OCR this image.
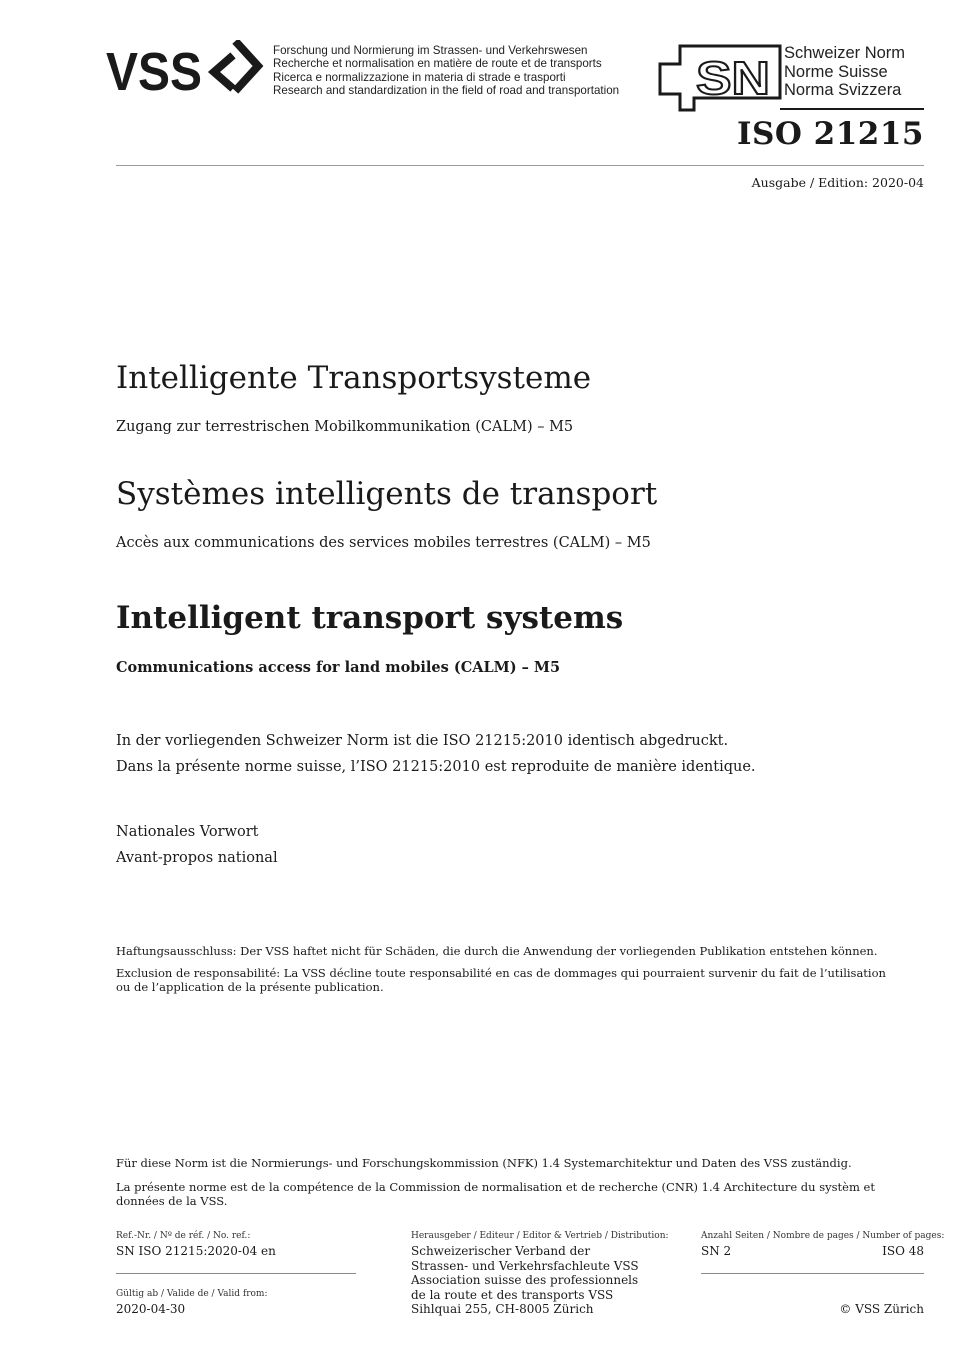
VSS	Forschung und Normierung im Strassen- und Verkehrswesen
Recherche et normalisation en matière de route et de transports
Ricerca e normalizzazione in materia di strade e trasporti
Research and standardization in the field of road and transportation SN Schweizer Norm
Norme Suisse
Norma Svizzera
ISO 21215
Ausgabe / Edition: 2020-04
Intelligente Transportsysteme
Zugang zur terrestrischen Mobilkommunikation (CALM) – M5
Systèmes intelligents de transport
Accès aux communications des services mobiles terrestres (CALM) – M5
Intelligent transport systems
Communications access for land mobiles (CALM) – M5
In der vorliegenden Schweizer Norm ist die ISO 21215:2010 identisch abgedruckt.
Dans la présente norme suisse, l’ISO 21215:2010 est reproduite de manière identique.
Nationales Vorwort
Avant-propos national
Haftungsausschluss: Der VSS haftet nicht für Schäden, die durch die Anwendung der vorliegenden Publikation entstehen können.
Exclusion de responsabilité: La VSS décline toute responsabilité en cas de dommages qui pourraient survenir du fait de l’utilisation ou de l’application de la présente publication.
Für diese Norm ist die Normierungs- und Forschungskommission (NFK) 1.4 Systemarchitektur und Daten des VSS zuständig.
La présente norme est de la compétence de la Commission de normalisation et de recherche (CNR) 1.4 Architecture du systèm et données de la VSS.
Ref.-Nr. / Nº de réf. / No. ref.:
SN ISO 21215:2020-04 en
Gültig ab / Valide de / Valid from:
2020-04-30
Herausgeber / Editeur / Editor & Vertrieb / Distribution:
Schweizerischer Verband der
Strassen- und Verkehrsfachleute VSS
Association suisse des professionnels
de la route et des transports VSS
Sihlquai 255, CH-8005 Zürich
Anzahl Seiten / Nombre de pages / Number of pages:
SN 2	ISO 48
© VSS Zürich
